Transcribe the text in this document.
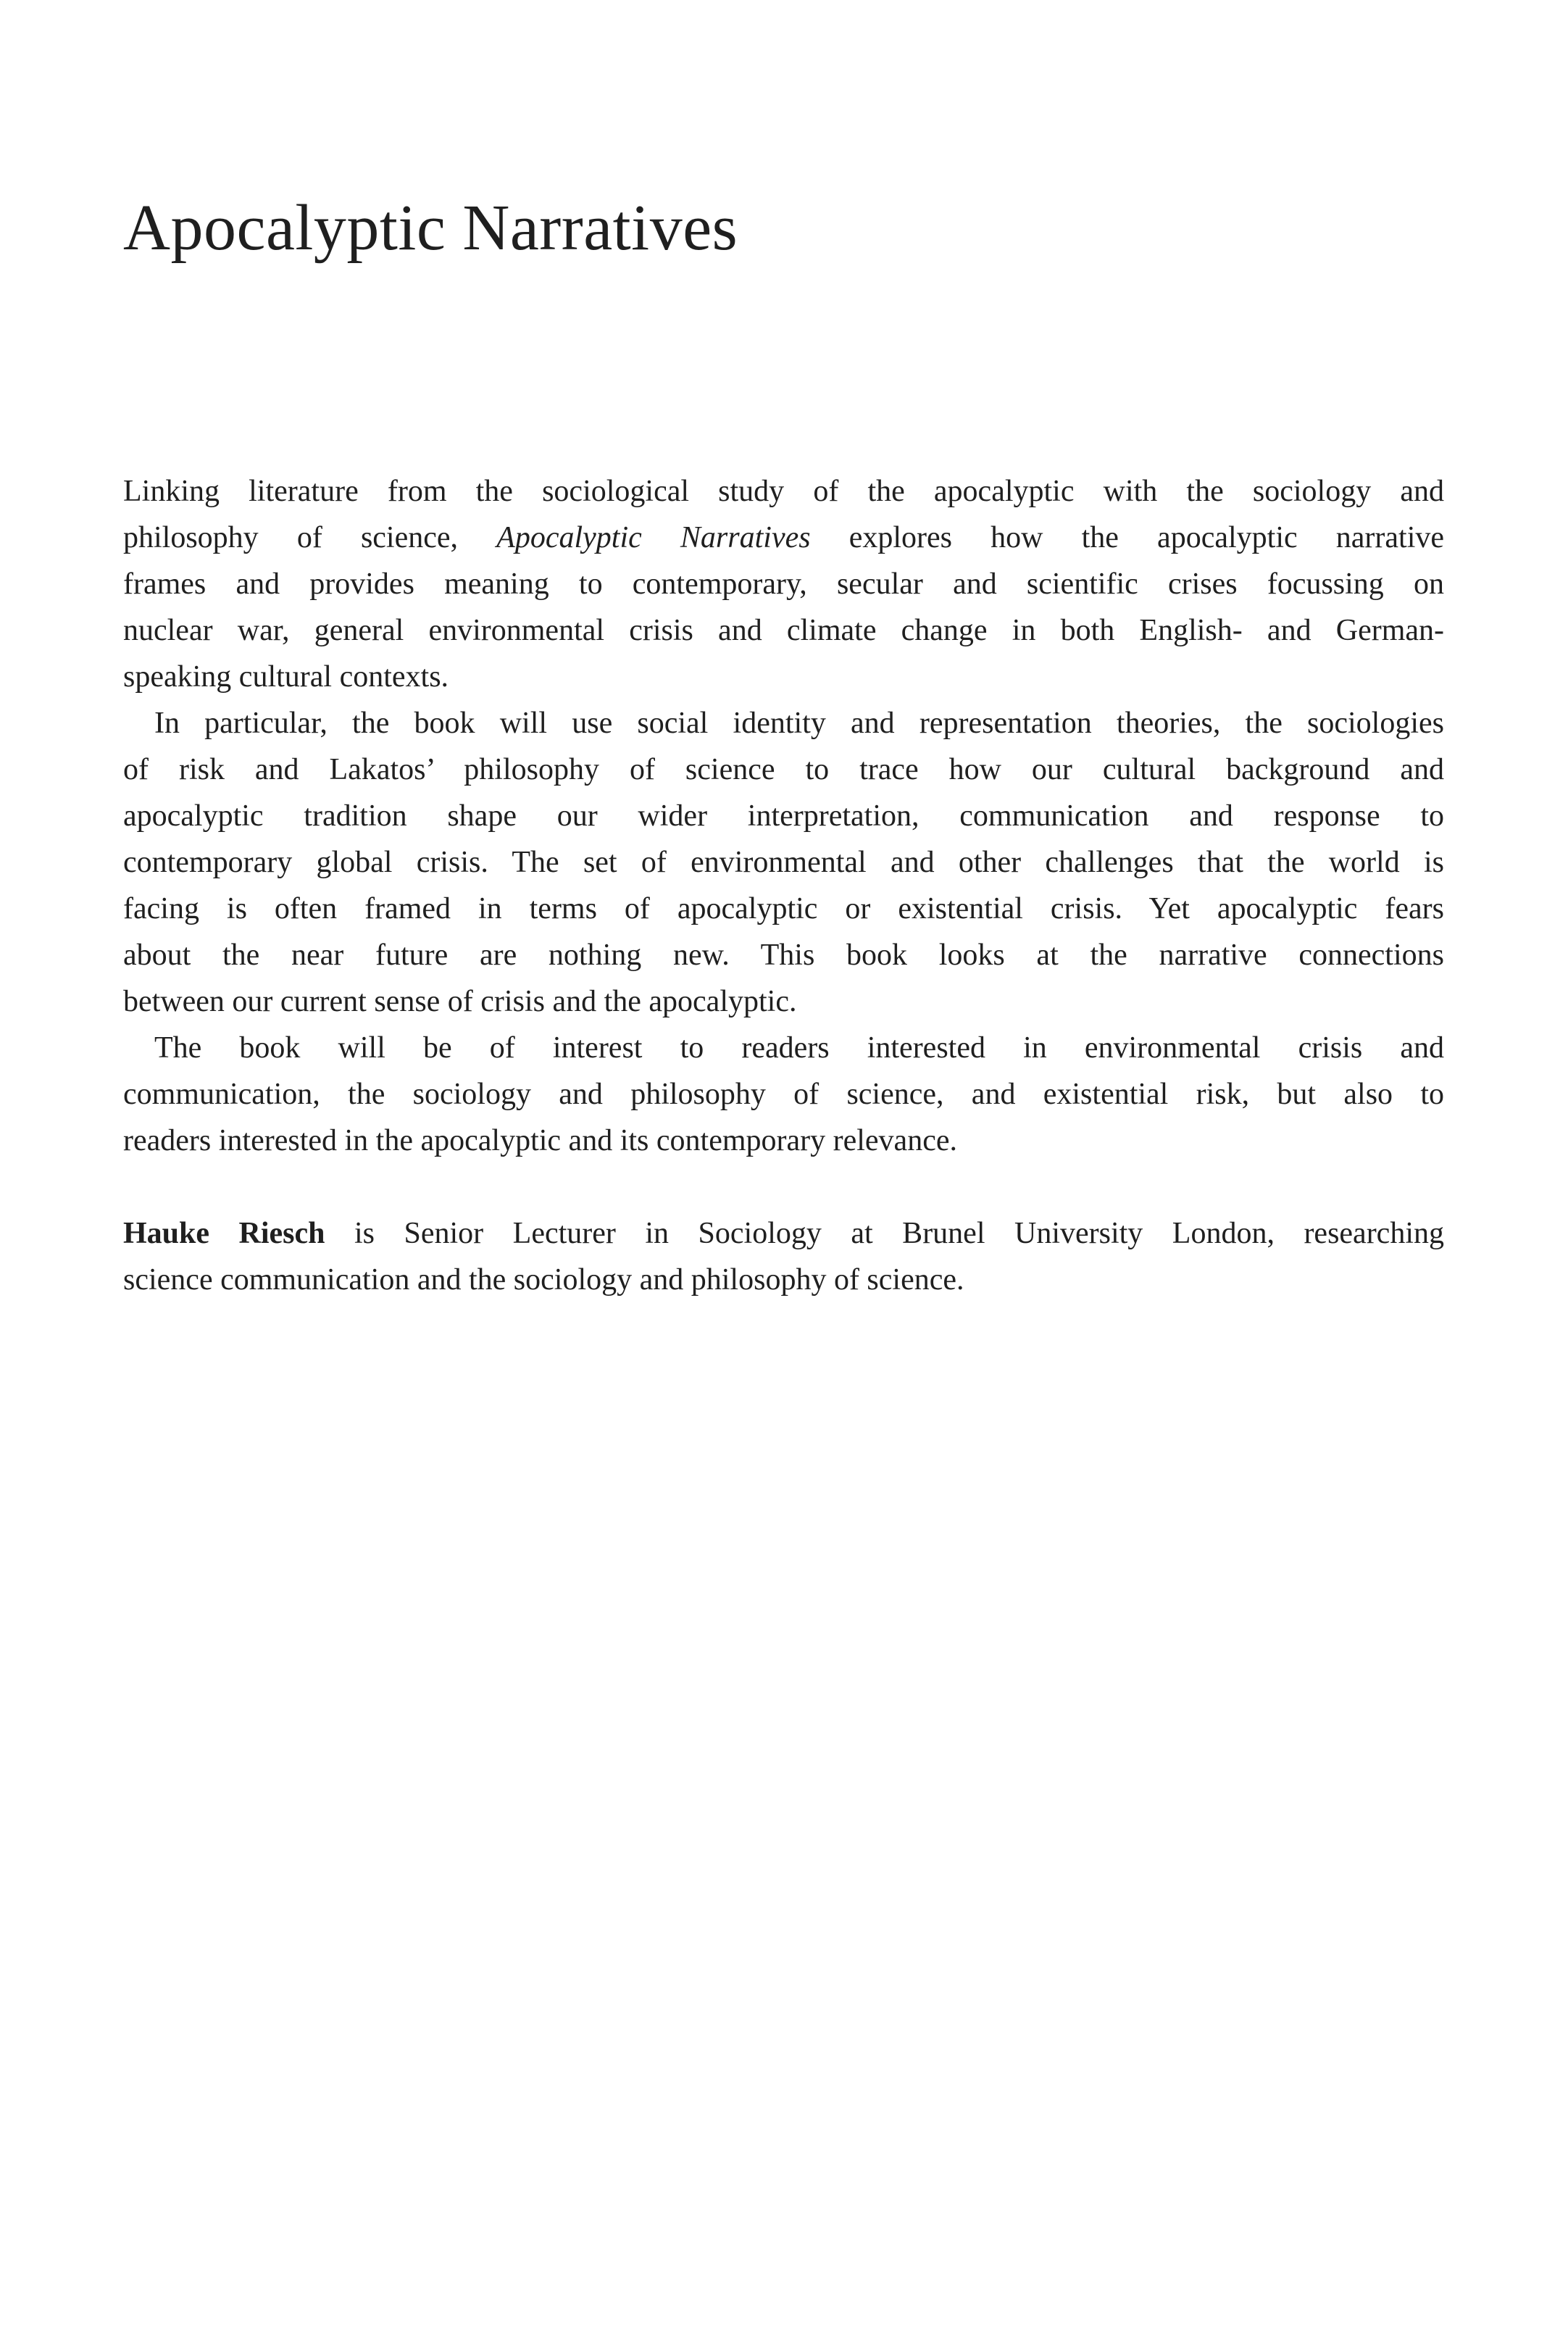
Apocalyptic Narratives

Linking literature from the sociological study of the apocalyptic with the sociology and
philosophy of science, Apocalyptic Narratives explores how the apocalyptic narrative
frames and provides meaning to contemporary, secular and scientific crises focussing on
nuclear war, general environmental crisis and climate change in both English- and German-
speaking cultural contexts.

In particular, the book will use social identity and representation theories, the sociologies
of risk and Lakatos’ philosophy of science to trace how our cultural background and
apocalyptic tradition shape our wider interpretation, communication and response to
contemporary global crisis. The set of environmental and other challenges that the world is
facing is often framed in terms of apocalyptic or existential crisis. Yet apocalyptic fears
about the near future are nothing new. This book looks at the narrative connections
between our current sense of crisis and the apocalyptic.

The book will be of interest to readers interested in environmental crisis and
communication, the sociology and philosophy of science, and existential risk, but also to
readers interested in the apocalyptic and its contemporary relevance.

Hauke Riesch is Senior Lecturer in Sociology at Brunel University London, researching
science communication and the sociology and philosophy of science.
